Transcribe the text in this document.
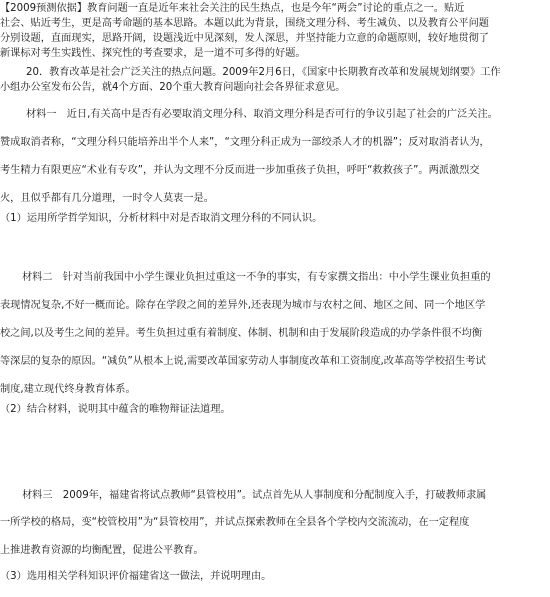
【2009预测依据】教育问题一直是近年来社会关注的民生热点，也是今年“两会”讨论的重点之一。贴近
社会、贴近考生，更是高考命题的基本思路。本题以此为背景，围绕文理分科、考生减负、以及教育公平问题
分别设题，直面现实，思路开阔，设题浅近中见深刻，发人深思，并坚持能力立意的命题原则，较好地贯彻了
新课标对考生实践性、探究性的考查要求，是一道不可多得的好题。
20．教育改革是社会广泛关注的热点问题。2009年2月6日，《国家中长期教育改革和发展规划纲要》工作
小组办公室发布公告，就4个方面、20个重大教育问题向社会各界征求意见。
材料一　近日,有关高中是否有必要取消文理分科、取消文理分科是否可行的争议引起了社会的广泛关注。
赞成取消者称，“文理分科只能培养出半个人来”，“文理分科正成为一部绞杀人才的机器”；反对取消者认为，
考生精力有限更应“术业有专攻”，并认为文理不分反而进一步加重孩子负担，呼吁“救救孩子”。两派激烈交
火，且似乎都有几分道理，一时令人莫衷一是。
（1）运用所学哲学知识，分析材料中对是否取消文理分科的不同认识。
材料二　针对当前我国中小学生课业负担过重这一不争的事实，有专家撰文指出：中小学生课业负担重的
表现情况复杂,不好一概而论。除存在学段之间的差异外,还表现为城市与农村之间、地区之间、同一个地区学
校之间,以及考生之间的差异。考生负担过重有着制度、体制、机制和由于发展阶段造成的办学条件很不均衡
等深层的复杂的原因。“减负”从根本上说,需要改革国家劳动人事制度改革和工资制度,改革高等学校招生考试
制度,建立现代终身教育体系。
（2）结合材料，说明其中蕴含的唯物辩证法道理。
材料三　2009年，福建省将试点教师“县管校用”。试点首先从人事制度和分配制度入手，打破教师隶属
一所学校的格局，变“校管校用”为“县管校用”，并试点探索教师在全县各个学校内交流流动，在一定程度
上推进教育资源的均衡配置，促进公平教育。
（3）选用相关学科知识评价福建省这一做法，并说明理由。
